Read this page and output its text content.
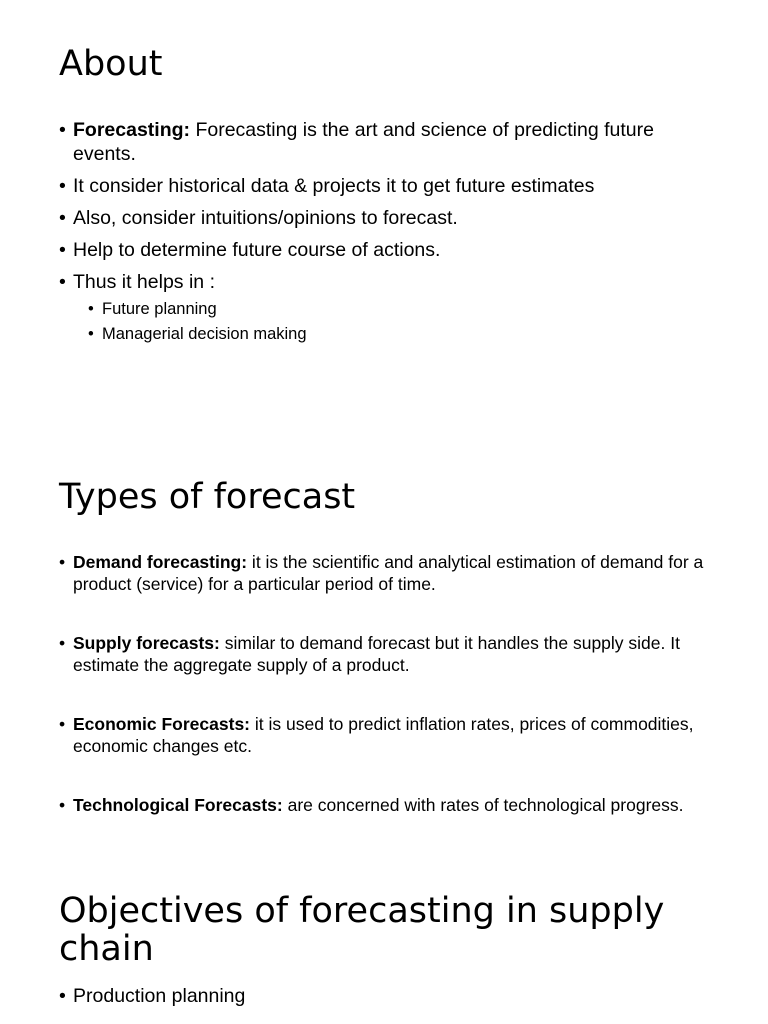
About
• Forecasting: Forecasting is the art and science of predicting future events.
• It consider historical data & projects it to get future estimates
• Also, consider intuitions/opinions to forecast.
• Help to determine future course of actions.
• Thus it helps in :
• Future planning
• Managerial decision making
Types of forecast
• Demand forecasting: it is the scientific and analytical estimation of demand for a product (service) for a particular period of time.
• Supply forecasts: similar to demand forecast but it handles the supply side. It estimate the aggregate supply of a product.
• Economic Forecasts: it is used to predict inflation rates, prices of commodities, economic changes etc.
• Technological Forecasts: are concerned with rates of technological progress.
Objectives of forecasting in supply chain
• Production planning
